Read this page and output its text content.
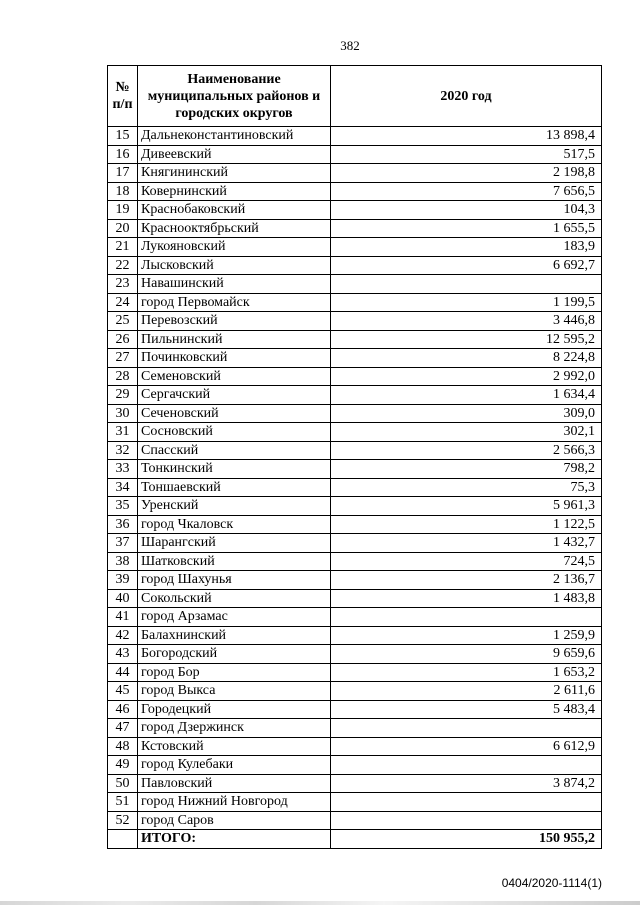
382
№ п/п	Наименование муниципальных районов и городских округов	2020 год
15	Дальнеконстантиновский	13 898,4
16	Дивеевский	517,5
17	Княгининский	2 198,8
18	Ковернинский	7 656,5
19	Краснобаковский	104,3
20	Краснооктябрьский	1 655,5
21	Лукояновский	183,9
22	Лысковский	6 692,7
23	Навашинский	
24	город Первомайск	1 199,5
25	Перевозский	3 446,8
26	Пильнинский	12 595,2
27	Починковский	8 224,8
28	Семеновский	2 992,0
29	Сергачский	1 634,4
30	Сеченовский	309,0
31	Сосновский	302,1
32	Спасский	2 566,3
33	Тонкинский	798,2
34	Тоншаевский	75,3
35	Уренский	5 961,3
36	город Чкаловск	1 122,5
37	Шарангский	1 432,7
38	Шатковский	724,5
39	город Шахунья	2 136,7
40	Сокольский	1 483,8
41	город Арзамас	
42	Балахнинский	1 259,9
43	Богородский	9 659,6
44	город Бор	1 653,2
45	город Выкса	2 611,6
46	Городецкий	5 483,4
47	город Дзержинск	
48	Кстовский	6 612,9
49	город Кулебаки	
50	Павловский	3 874,2
51	город Нижний Новгород	
52	город Саров	
	ИТОГО:	150 955,2
0404/2020-1114(1)
